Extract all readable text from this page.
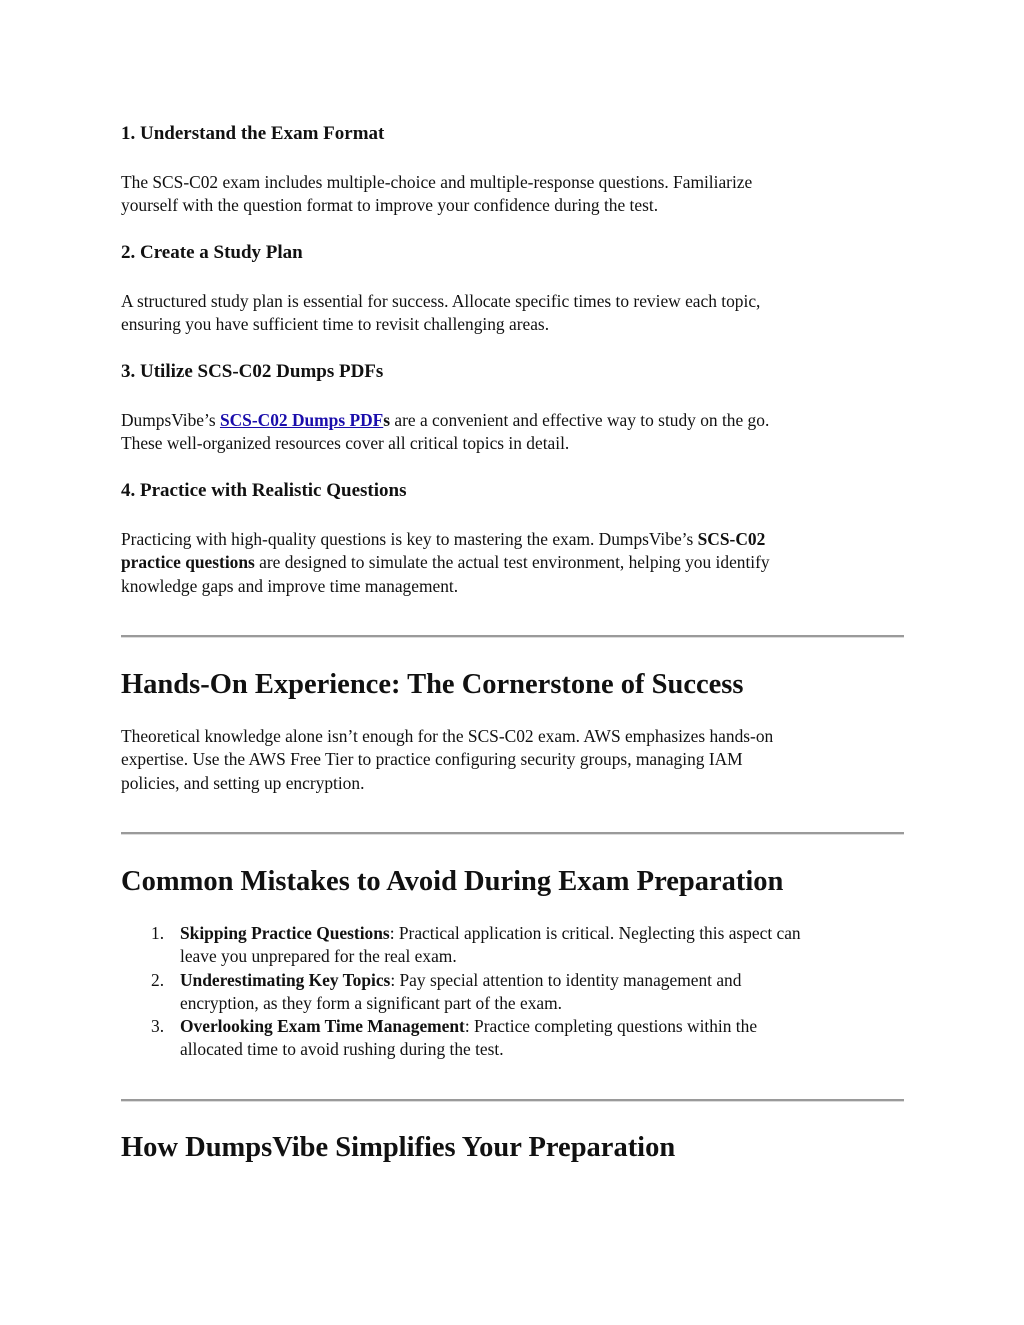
1. Understand the Exam Format
The SCS-C02 exam includes multiple-choice and multiple-response questions. Familiarize
yourself with the question format to improve your confidence during the test.
2. Create a Study Plan
A structured study plan is essential for success. Allocate specific times to review each topic,
ensuring you have sufficient time to revisit challenging areas.
3. Utilize SCS-C02 Dumps PDFs
DumpsVibe’s SCS-C02 Dumps PDFs are a convenient and effective way to study on the go.
These well-organized resources cover all critical topics in detail.
4. Practice with Realistic Questions
Practicing with high-quality questions is key to mastering the exam. DumpsVibe’s SCS-C02
practice questions are designed to simulate the actual test environment, helping you identify
knowledge gaps and improve time management.
Hands-On Experience: The Cornerstone of Success
Theoretical knowledge alone isn’t enough for the SCS-C02 exam. AWS emphasizes hands-on
expertise. Use the AWS Free Tier to practice configuring security groups, managing IAM
policies, and setting up encryption.
Common Mistakes to Avoid During Exam Preparation
1. Skipping Practice Questions: Practical application is critical. Neglecting this aspect can
leave you unprepared for the real exam.
2. Underestimating Key Topics: Pay special attention to identity management and
encryption, as they form a significant part of the exam.
3. Overlooking Exam Time Management: Practice completing questions within the
allocated time to avoid rushing during the test.
How DumpsVibe Simplifies Your Preparation
